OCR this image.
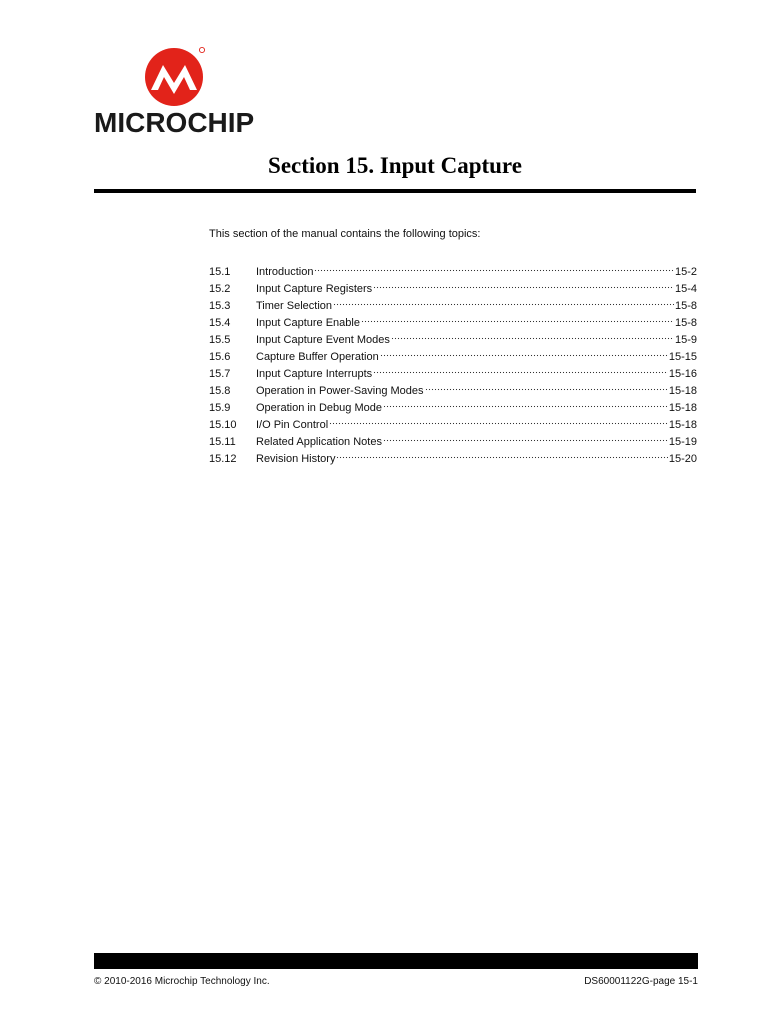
MICROCHIP
Section 15. Input Capture
This section of the manual contains the following topics:
15.1	Introduction	15-2
15.2	Input Capture Registers	15-4
15.3	Timer Selection	15-8
15.4	Input Capture Enable	15-8
15.5	Input Capture Event Modes	15-9
15.6	Capture Buffer Operation	15-15
15.7	Input Capture Interrupts	15-16
15.8	Operation in Power-Saving Modes	15-18
15.9	Operation in Debug Mode	15-18
15.10	I/O Pin Control	15-18
15.11	Related Application Notes	15-19
15.12	Revision History	15-20
© 2010-2016 Microchip Technology Inc.	DS60001122G-page 15-1
